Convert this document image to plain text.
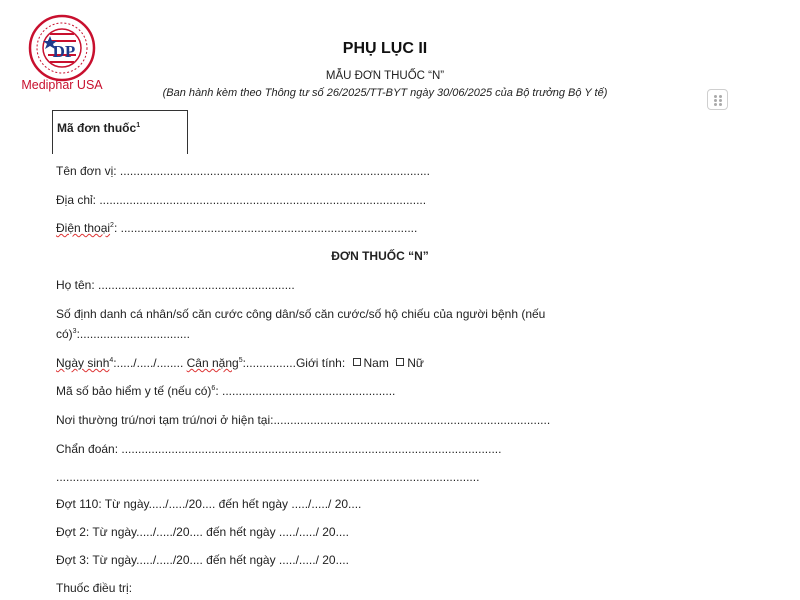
DP
Mediphar USA
PHỤ LỤC II
MẪU ĐƠN THUỐC “N”
(Ban hành kèm theo Thông tư số 26/2025/TT-BYT ngày 30/06/2025 của Bộ trưởng Bộ Y tế)
Mã đơn thuốc$^1$
Tên đơn vị: .............................................................................................
Địa chỉ: ..................................................................................................
Điện thoại$^2$: .........................................................................................
ĐƠN THUỐC “N”
Họ tên: ...........................................................
Số định danh cá nhân/số căn cước công dân/số căn cước/số hộ chiếu của người bệnh (nếu
có)$^3$:.................................
Ngày $\sinh^4:...../...../$........ Cân nặng$^5$:...............Giới tính: Nam Nữ
Mã số bảo hiểm y tế (nếu có)$^6$: ....................................................
Nơi thường trú/nơi tạm trú/nơi ở hiện tại:...................................................................................
Chẩn đoán: ..................................................................................................................
...............................................................................................................................
Đợt 110: Từ ngày...../...../20.... đến hết ngày ...../...../ 20....
Đợt 2: Từ ngày...../...../20.... đến hết ngày ...../...../ 20....
Đợt 3: Từ ngày...../...../20.... đến hết ngày ...../...../ 20....
Thuốc điều trị:
